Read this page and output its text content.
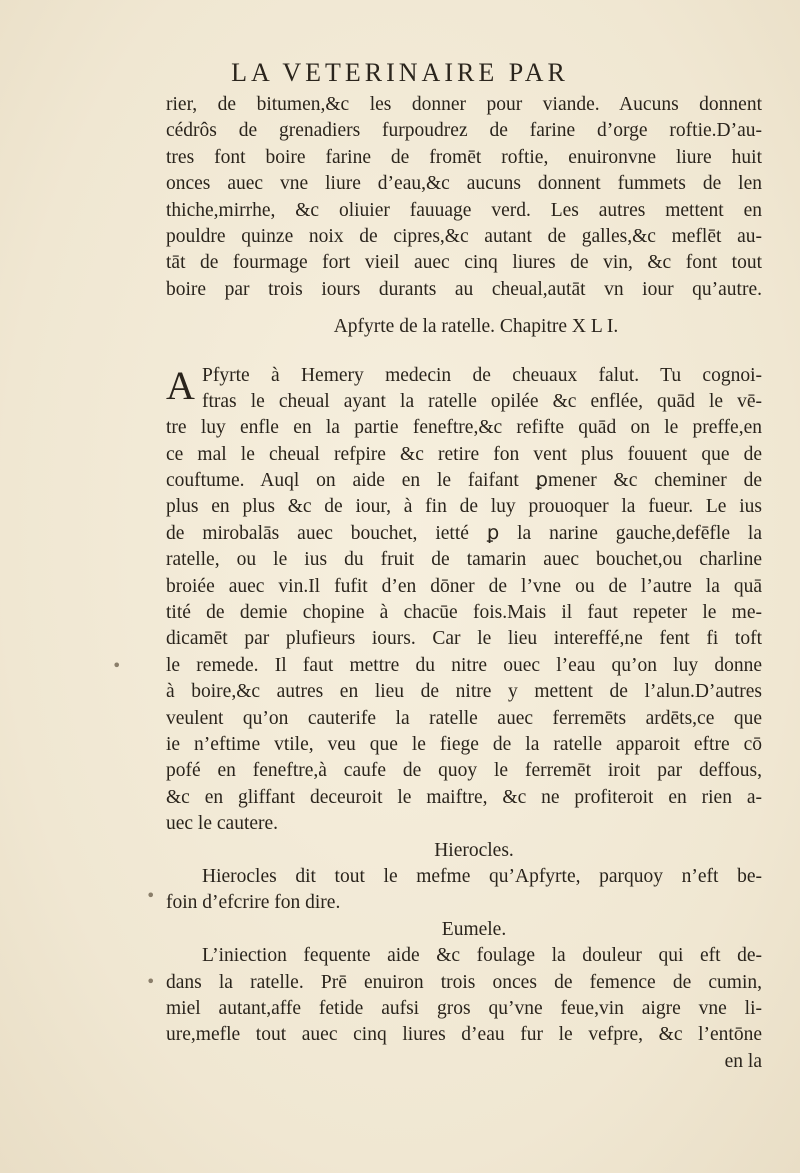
LA VETERINAIRE PAR
rier, de bitumen,&c les donner pour viande. Aucuns donnent
cédrôs de grenadiers furpoudrez de farine d’orge roftie.D’au-
tres font boire farine de fromēt roftie, enuironvne liure huit
onces auec vne liure d’eau,&c aucuns donnent fummets de len
thiche,mirrhe, &c oliuier fauuage verd. Les autres mettent en
pouldre quinze noix de cipres,&c autant de galles,&c meflēt au-
tāt de fourmage fort vieil auec cinq liures de vin, &c font tout
boire par trois iours durants au cheual,autāt vn iour qu’autre.
Apfyrte de la ratelle. Chapitre X L I.
A Pfyrte à Hemery medecin de cheuaux falut. Tu cognoi-
ftras le cheual ayant la ratelle opilée &c enflée, quād le vē-
tre luy enfle en la partie feneftre,&c refifte quād on le preffe,en
ce mal le cheual refpire &c retire fon vent plus fouuent que de
couftume. Auql on aide en le faifant ꝑmener &c cheminer de
plus en plus &c de iour, à fin de luy prouoquer la fueur. Le ius
de mirobalās auec bouchet, ietté ꝑ la narine gauche,defēfle la
ratelle, ou le ius du fruit de tamarin auec bouchet,ou charline
broiée auec vin.Il fufit d’en dōner de l’vne ou de l’autre la quā
tité de demie chopine à chacūe fois.Mais il faut repeter le me-
dicamēt par plufieurs iours. Car le lieu intereffé,ne fent fi toft
le remede. Il faut mettre du nitre ouec l’eau qu’on luy donne
à boire,&c autres en lieu de nitre y mettent de l’alun.D’autres
veulent qu’on cauterife la ratelle auec ferremēts ardēts,ce que
ie n’eftime vtile, veu que le fiege de la ratelle apparoit eftre cō
pofé en feneftre,à caufe de quoy le ferremēt iroit par deffous,
&c en gliffant deceuroit le maiftre, &c ne profiteroit en rien a-
uec le cautere.
Hierocles.
Hierocles dit tout le mefme qu’Apfyrte, parquoy n’eft be-
foin d’efcrire fon dire.
Eumele.
L’iniection fequente aide &c foulage la douleur qui eft de-
dans la ratelle. Prē enuiron trois onces de femence de cumin,
miel autant,affe fetide aufsi gros qu’vne feue,vin aigre vne li-
ure,mefle tout auec cinq liures d’eau fur le vefpre, &c l’entōne
en la
•
•
•
